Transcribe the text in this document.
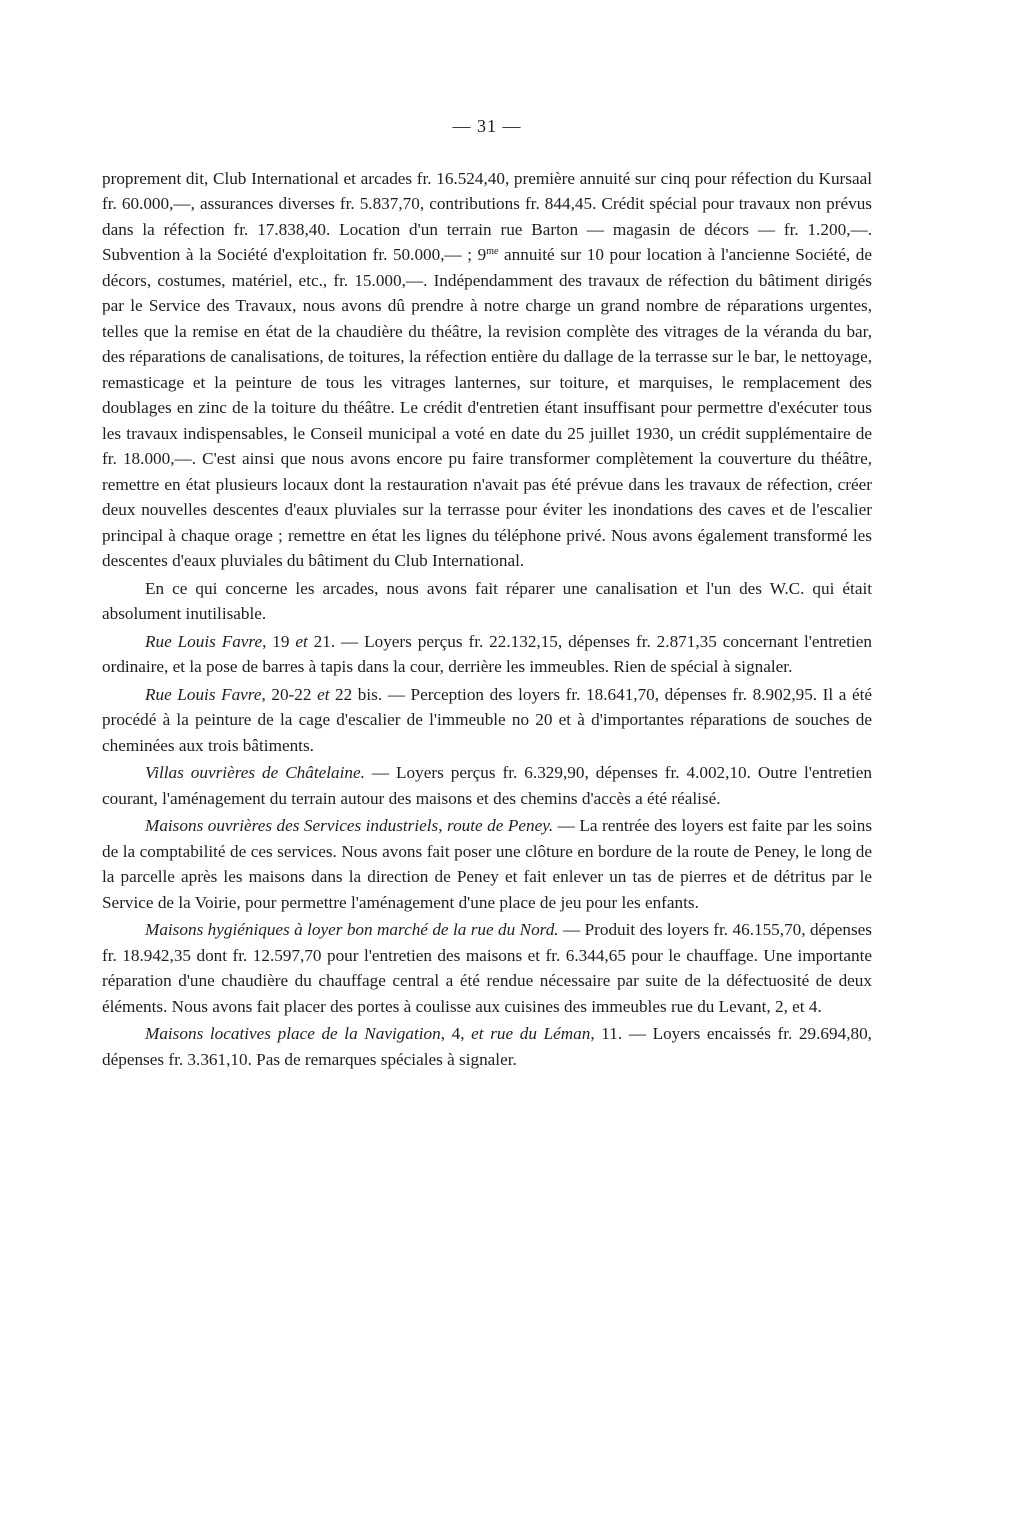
— 31 —

proprement dit, Club International et arcades fr. 16.524,40, première annuité sur cinq pour réfection du Kursaal fr. 60.000,—, assurances diverses fr. 5.837,70, contributions fr. 844,45. Crédit spécial pour travaux non prévus dans la réfection fr. 17.838,40. Location d'un terrain rue Barton — magasin de décors — fr. 1.200,—. Subvention à la Société d'exploitation fr. 50.000,— ; $9^{me}$ annuité sur 10 pour location à l'ancienne Société, de décors, costumes, matériel, etc., fr. 15.000,—. Indépendamment des travaux de réfection du bâtiment dirigés par le Service des Travaux, nous avons dû prendre à notre charge un grand nombre de réparations urgentes, telles que la remise en état de la chaudière du théâtre, la revision complète des vitrages de la véranda du bar, des réparations de canalisations, de toitures, la réfection entière du dallage de la terrasse sur le bar, le nettoyage, remasticage et la peinture de tous les vitrages lanternes, sur toiture, et marquises, le remplacement des doublages en zinc de la toiture du théâtre. Le crédit d'entretien étant insuffisant pour permettre d'exécuter tous les travaux indispensables, le Conseil municipal a voté en date du 25 juillet 1930, un crédit supplémentaire de fr. 18.000,—. C'est ainsi que nous avons encore pu faire transformer complètement la couverture du théâtre, remettre en état plusieurs locaux dont la restauration n'avait pas été prévue dans les travaux de réfection, créer deux nouvelles descentes d'eaux pluviales sur la terrasse pour éviter les inondations des caves et de l'escalier principal à chaque orage ; remettre en état les lignes du téléphone privé. Nous avons également transformé les descentes d'eaux pluviales du bâtiment du Club International.

En ce qui concerne les arcades, nous avons fait réparer une canalisation et l'un des W.C. qui était absolument inutilisable.

Rue Louis Favre, 19 et 21. — Loyers perçus fr. 22.132,15, dépenses fr. 2.871,35 concernant l'entretien ordinaire, et la pose de barres à tapis dans la cour, derrière les immeubles. Rien de spécial à signaler.

Rue Louis Favre, 20-22 et 22 bis. — Perception des loyers fr. 18.641,70, dépenses fr. 8.902,95. Il a été procédé à la peinture de la cage d'escalier de l'immeuble no 20 et à d'importantes réparations de souches de cheminées aux trois bâtiments.

Villas ouvrières de Châtelaine. — Loyers perçus fr. 6.329,90, dépenses fr. 4.002,10. Outre l'entretien courant, l'aménagement du terrain autour des maisons et des chemins d'accès a été réalisé.

Maisons ouvrières des Services industriels, route de Peney. — La rentrée des loyers est faite par les soins de la comptabilité de ces services. Nous avons fait poser une clôture en bordure de la route de Peney, le long de la parcelle après les maisons dans la direction de Peney et fait enlever un tas de pierres et de détritus par le Service de la Voirie, pour permettre l'aménagement d'une place de jeu pour les enfants.

Maisons hygiéniques à loyer bon marché de la rue du Nord. — Produit des loyers fr. 46.155,70, dépenses fr. 18.942,35 dont fr. 12.597,70 pour l'entretien des maisons et fr. 6.344,65 pour le chauffage. Une importante réparation d'une chaudière du chauffage central a été rendue nécessaire par suite de la défectuosité de deux éléments. Nous avons fait placer des portes à coulisse aux cuisines des immeubles rue du Levant, 2, et 4.

Maisons locatives place de la Navigation, 4, et rue du Léman, 11. — Loyers encaissés fr. 29.694,80, dépenses fr. 3.361,10. Pas de remarques spéciales à signaler.
